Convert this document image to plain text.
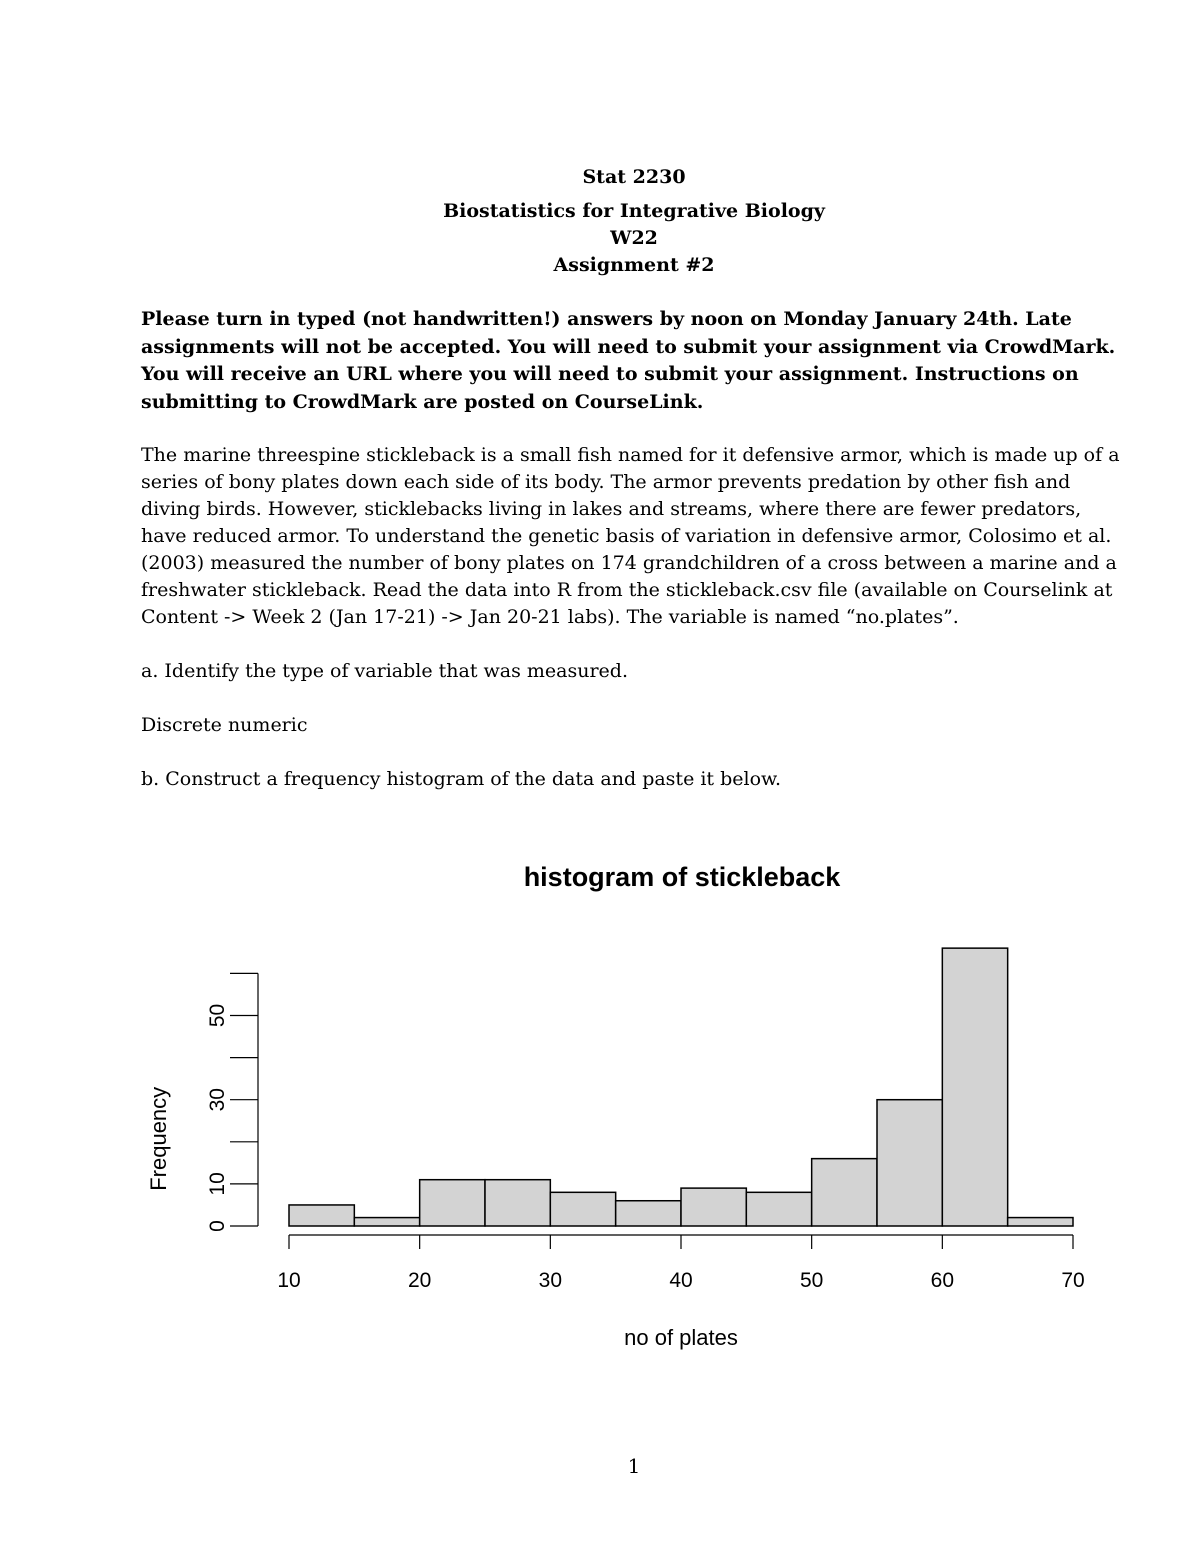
Stat 2230
Biostatistics for Integrative Biology
W22
Assignment #2
Please turn in typed (not handwritten!) answers by noon on Monday January 24th. Late assignments will not be accepted. You will need to submit your assignment via CrowdMark. You will receive an URL where you will need to submit your assignment. Instructions on submitting to CrowdMark are posted on CourseLink.
The marine threespine stickleback is a small fish named for it defensive armor, which is made up of a series of bony plates down each side of its body. The armor prevents predation by other fish and diving birds. However, sticklebacks living in lakes and streams, where there are fewer predators, have reduced armor. To understand the genetic basis of variation in defensive armor, Colosimo et al. (2003) measured the number of bony plates on 174 grandchildren of a cross between a marine and a freshwater stickleback. Read the data into R from the stickleback.csv file (available on Courselink at Content -> Week 2 (Jan 17-21) -> Jan 20-21 labs). The variable is named “no.plates”.
a. Identify the type of variable that was measured.
Discrete numeric
b. Construct a frequency histogram of the data and paste it below.
histogram of stickleback
0
10
30
50
Frequency
10	20	30	40	50	60	70
no of plates
1
